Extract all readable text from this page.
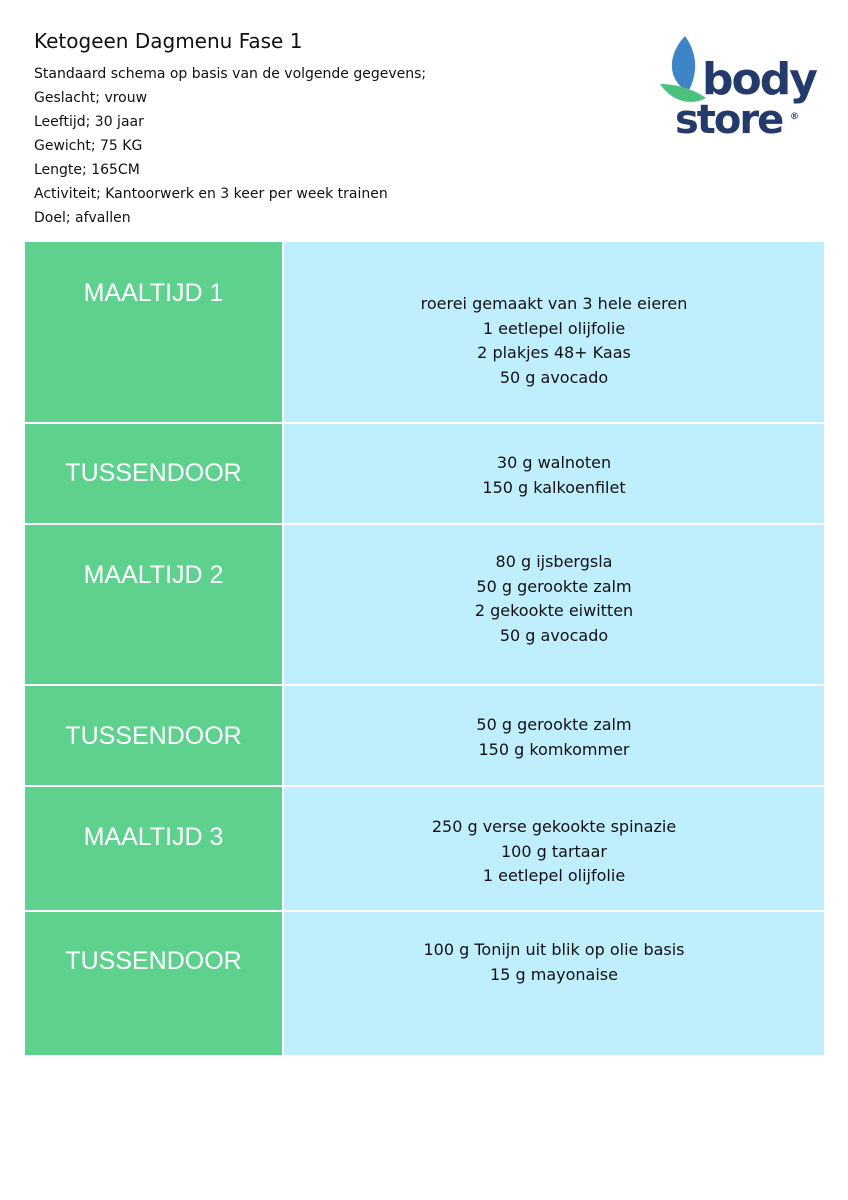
Ketogeen Dagmenu Fase 1
Standaard schema op basis van de volgende gegevens;
Geslacht; vrouw
Leeftijd; 30 jaar
Gewicht; 75 KG
Lengte; 165CM
Activiteit; Kantoorwerk en 3 keer per week trainen
Doel; afvallen
body
store ®
MAALTIJD 1	roerei gemaakt van 3 hele eieren
1 eetlepel olijfolie
2 plakjes 48+ Kaas
50 g avocado
TUSSENDOOR	30 g walnoten
150 g kalkoenfilet
MAALTIJD 2	80 g ijsbergsla
50 g gerookte zalm
2 gekookte eiwitten
50 g avocado
TUSSENDOOR	50 g gerookte zalm
150 g komkommer
MAALTIJD 3	250 g verse gekookte spinazie
100 g tartaar
1 eetlepel olijfolie
TUSSENDOOR	100 g Tonijn uit blik op olie basis
15 g mayonaise
